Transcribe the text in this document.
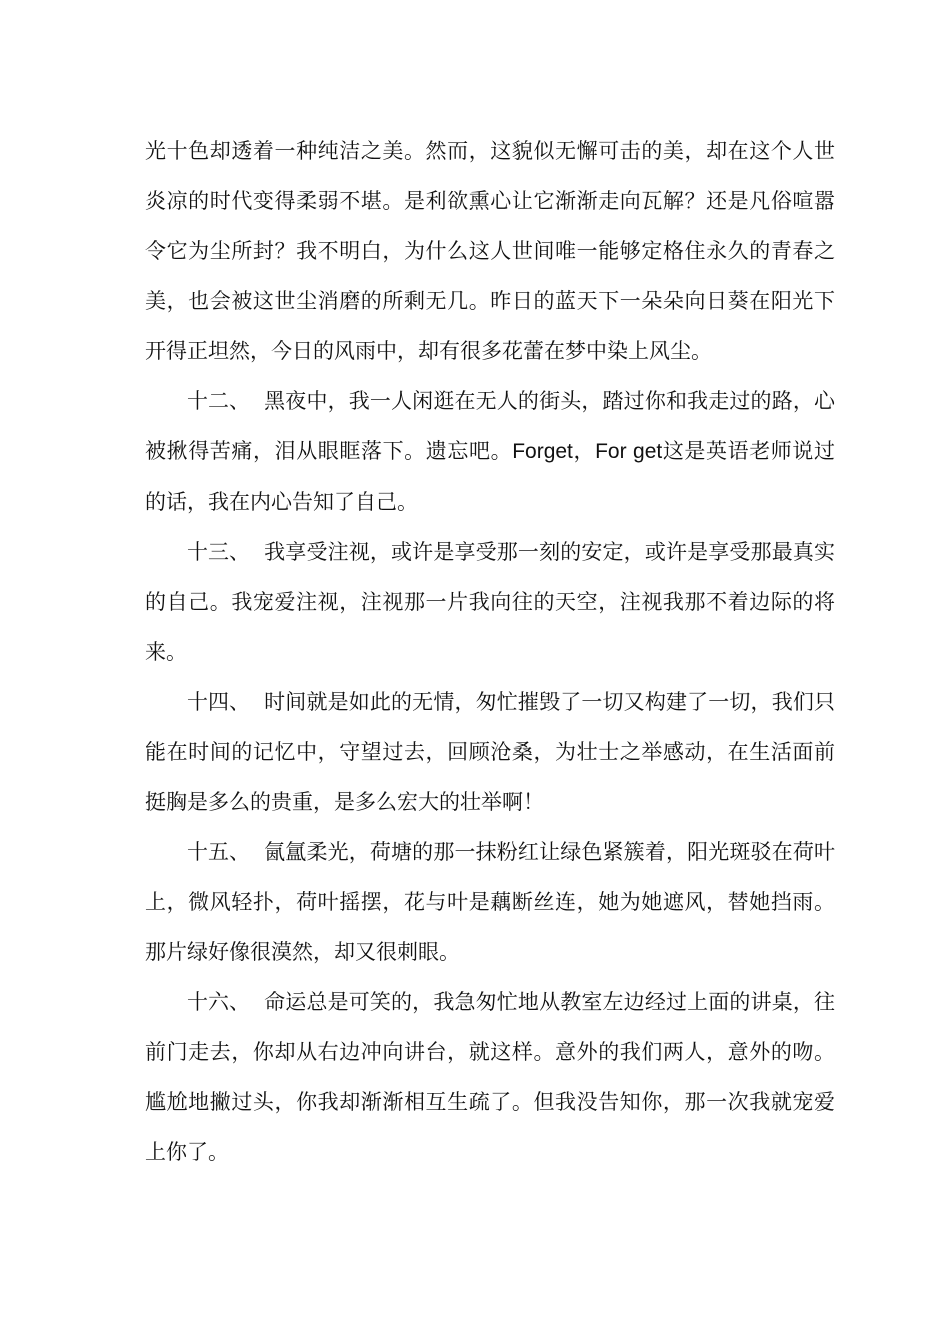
光十色却透着一种纯洁之美。然而，这貌似无懈可击的美，却在这个人世炎凉的时代变得柔弱不堪。是利欲熏心让它渐渐走向瓦解？还是凡俗喧嚣令它为尘所封？我不明白，为什么这人世间唯一能够定格住永久的青春之美，也会被这世尘消磨的所剩无几。昨日的蓝天下一朵朵向日葵在阳光下开得正坦然，今日的风雨中，却有很多花蕾在梦中染上风尘。

十二、 黑夜中，我一人闲逛在无人的街头，踏过你和我走过的路，心被揪得苦痛，泪从眼眶落下。遗忘吧。Forget，For get这是英语老师说过的话，我在内心告知了自己。

十三、 我享受注视，或许是享受那一刻的安定，或许是享受那最真实的自己。我宠爱注视，注视那一片我向往的天空，注视我那不着边际的将来。

十四、 时间就是如此的无情，匆忙摧毁了一切又构建了一切，我们只能在时间的记忆中，守望过去，回顾沧桑，为壮士之举感动，在生活面前挺胸是多么的贵重，是多么宏大的壮举啊！

十五、 氤氲柔光，荷塘的那一抹粉红让绿色紧簇着，阳光斑驳在荷叶上，微风轻扑，荷叶摇摆，花与叶是藕断丝连，她为她遮风，替她挡雨。那片绿好像很漠然，却又很刺眼。

十六、 命运总是可笑的，我急匆忙地从教室左边经过上面的讲桌，往前门走去，你却从右边冲向讲台，就这样。意外的我们两人，意外的吻。尴尬地撇过头，你我却渐渐相互生疏了。但我没告知你，那一次我就宠爱上你了。
